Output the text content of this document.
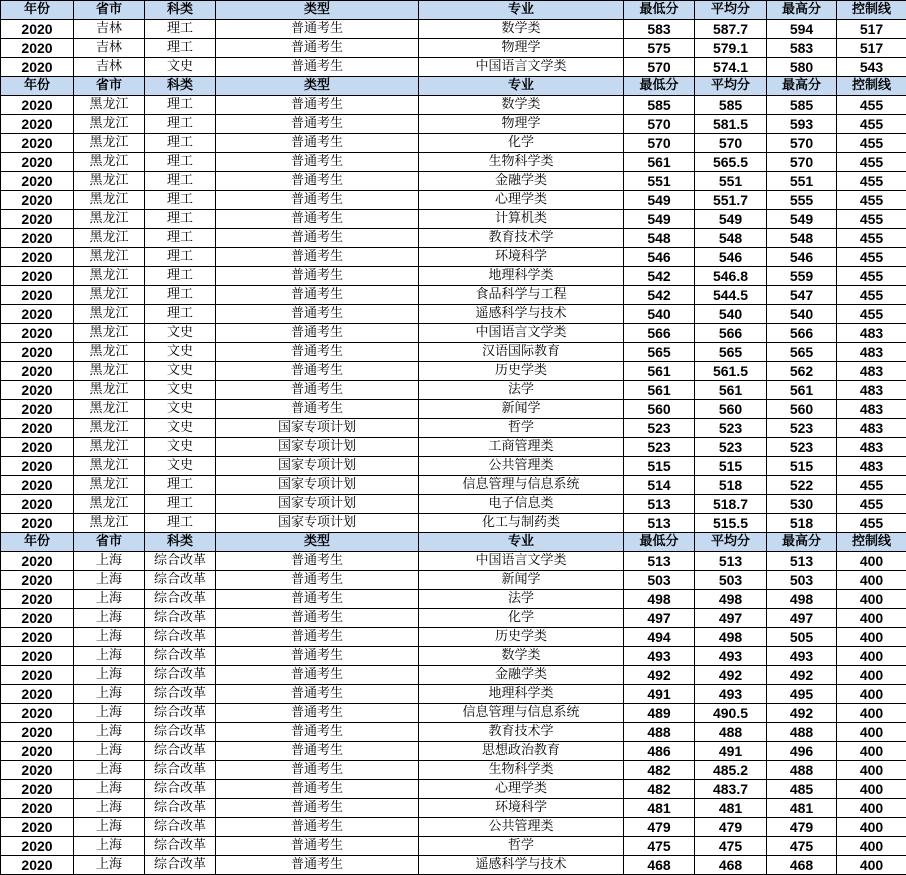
年份	省市	科类	类型	专业	最低分	平均分	最高分	控制线
2020	吉林	理工	普通考生	数学类	583	587.7	594	517
2020	吉林	理工	普通考生	物理学	575	579.1	583	517
2020	吉林	文史	普通考生	中国语言文学类	570	574.1	580	543
年份	省市	科类	类型	专业	最低分	平均分	最高分	控制线
2020	黑龙江	理工	普通考生	数学类	585	585	585	455
2020	黑龙江	理工	普通考生	物理学	570	581.5	593	455
2020	黑龙江	理工	普通考生	化学	570	570	570	455
2020	黑龙江	理工	普通考生	生物科学类	561	565.5	570	455
2020	黑龙江	理工	普通考生	金融学类	551	551	551	455
2020	黑龙江	理工	普通考生	心理学类	549	551.7	555	455
2020	黑龙江	理工	普通考生	计算机类	549	549	549	455
2020	黑龙江	理工	普通考生	教育技术学	548	548	548	455
2020	黑龙江	理工	普通考生	环境科学	546	546	546	455
2020	黑龙江	理工	普通考生	地理科学类	542	546.8	559	455
2020	黑龙江	理工	普通考生	食品科学与工程	542	544.5	547	455
2020	黑龙江	理工	普通考生	遥感科学与技术	540	540	540	455
2020	黑龙江	文史	普通考生	中国语言文学类	566	566	566	483
2020	黑龙江	文史	普通考生	汉语国际教育	565	565	565	483
2020	黑龙江	文史	普通考生	历史学类	561	561.5	562	483
2020	黑龙江	文史	普通考生	法学	561	561	561	483
2020	黑龙江	文史	普通考生	新闻学	560	560	560	483
2020	黑龙江	文史	国家专项计划	哲学	523	523	523	483
2020	黑龙江	文史	国家专项计划	工商管理类	523	523	523	483
2020	黑龙江	文史	国家专项计划	公共管理类	515	515	515	483
2020	黑龙江	理工	国家专项计划	信息管理与信息系统	514	518	522	455
2020	黑龙江	理工	国家专项计划	电子信息类	513	518.7	530	455
2020	黑龙江	理工	国家专项计划	化工与制药类	513	515.5	518	455
年份	省市	科类	类型	专业	最低分	平均分	最高分	控制线
2020	上海	综合改革	普通考生	中国语言文学类	513	513	513	400
2020	上海	综合改革	普通考生	新闻学	503	503	503	400
2020	上海	综合改革	普通考生	法学	498	498	498	400
2020	上海	综合改革	普通考生	化学	497	497	497	400
2020	上海	综合改革	普通考生	历史学类	494	498	505	400
2020	上海	综合改革	普通考生	数学类	493	493	493	400
2020	上海	综合改革	普通考生	金融学类	492	492	492	400
2020	上海	综合改革	普通考生	地理科学类	491	493	495	400
2020	上海	综合改革	普通考生	信息管理与信息系统	489	490.5	492	400
2020	上海	综合改革	普通考生	教育技术学	488	488	488	400
2020	上海	综合改革	普通考生	思想政治教育	486	491	496	400
2020	上海	综合改革	普通考生	生物科学类	482	485.2	488	400
2020	上海	综合改革	普通考生	心理学类	482	483.7	485	400
2020	上海	综合改革	普通考生	环境科学	481	481	481	400
2020	上海	综合改革	普通考生	公共管理类	479	479	479	400
2020	上海	综合改革	普通考生	哲学	475	475	475	400
2020	上海	综合改革	普通考生	遥感科学与技术	468	468	468	400
